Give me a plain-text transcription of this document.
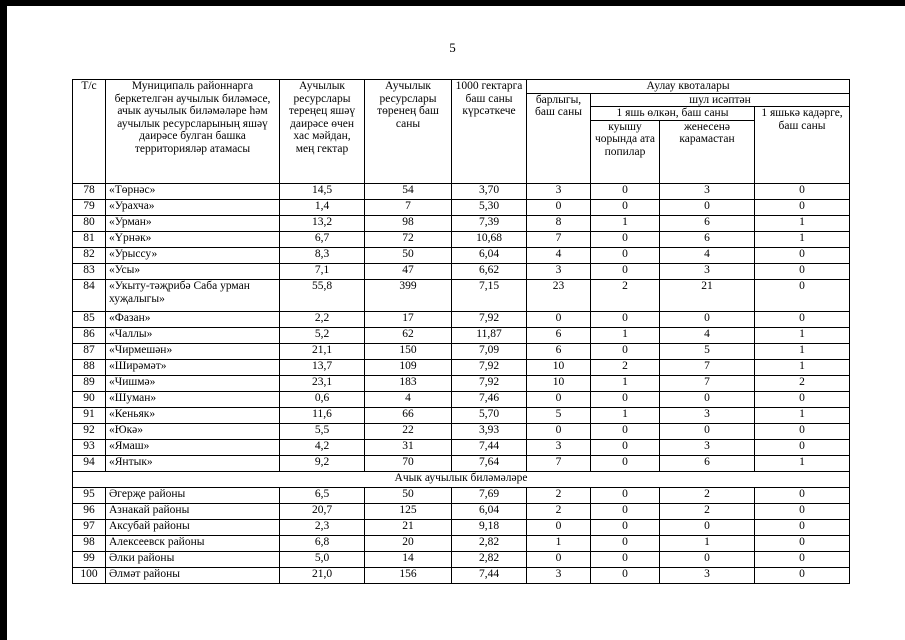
5
Т/с	Муниципаль районнарга беркетелгән аучылык биләмәсе, ачык аучылык биләмәләре һәм аучылык ресурсларының яшәү даирәсе булган башка территорияләр атамасы	Аучылык ресурслары тереңец яшәү даирәсе өчен хас мәйдан, мең гектар	Аучылык ресурслары төренең баш саны	1000 гектарга баш саны күрсәткече	Аулау квоталары			
					барлыгы, баш саны	шул исәптән		
						1 яшь өлкән, баш саны		1 яшькә кадәрге, баш саны
						куышу чорында ата попилар	женесенә карамастан	
78	«Төрнәс»	14,5	54	3,70	3	0	3	0
79	«Урахча»	1,4	7	5,30	0	0	0	0
80	«Урман»	13,2	98	7,39	8	1	6	1
81	«Үрнәк»	6,7	72	10,68	7	0	6	1
82	«Урыссу»	8,3	50	6,04	4	0	4	0
83	«Усы»	7,1	47	6,62	3	0	3	0
84	«Укыту-тәҗрибә Саба урман хуҗалыгы»	55,8	399	7,15	23	2	21	0
85	«Фазан»	2,2	17	7,92	0	0	0	0
86	«Чаллы»	5,2	62	11,87	6	1	4	1
87	«Чирмешән»	21,1	150	7,09	6	0	5	1
88	«Ширәмәт»	13,7	109	7,92	10	2	7	1
89	«Чишмә»	23,1	183	7,92	10	1	7	2
90	«Шуман»	0,6	4	7,46	0	0	0	0
91	«Кеньяк»	11,6	66	5,70	5	1	3	1
92	«Юкә»	5,5	22	3,93	0	0	0	0
93	«Ямаш»	4,2	31	7,44	3	0	3	0
94	«Янтык»	9,2	70	7,64	7	0	6	1
Ачык аучылык биләмәләре								
95	Әгерҗе районы	6,5	50	7,69	2	0	2	0
96	Азнакай районы	20,7	125	6,04	2	0	2	0
97	Аксубай районы	2,3	21	9,18	0	0	0	0
98	Алексеевск районы	6,8	20	2,82	1	0	1	0
99	Әлки районы	5,0	14	2,82	0	0	0	0
100	Әлмәт районы	21,0	156	7,44	3	0	3	0
